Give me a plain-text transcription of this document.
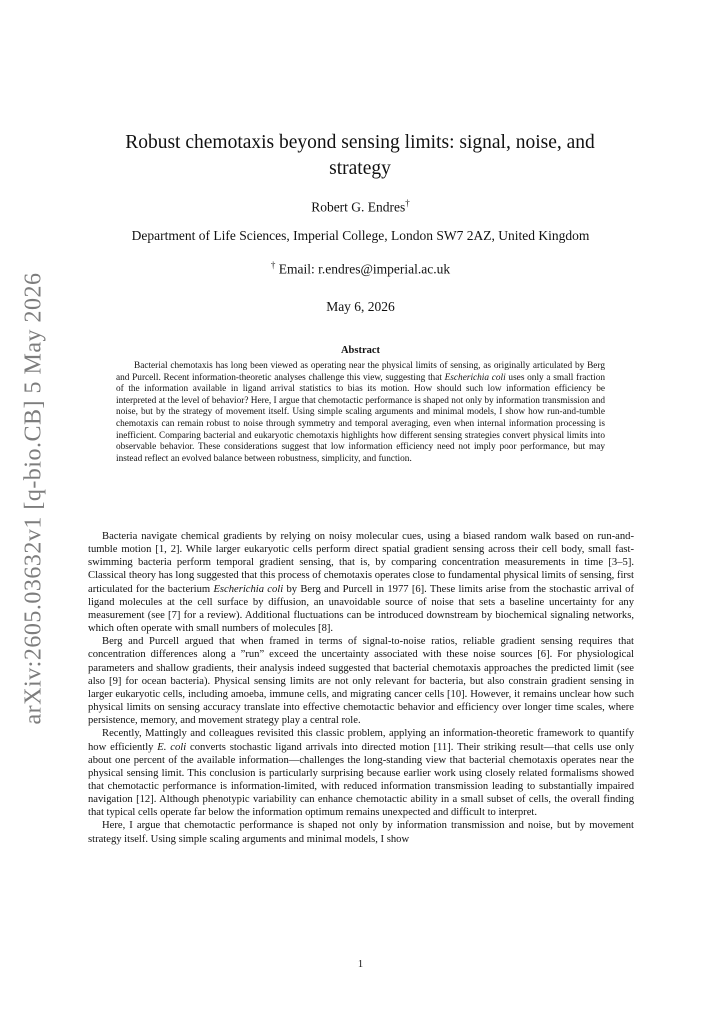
arXiv:2605.03632v1 [q-bio.CB] 5 May 2026
Robust chemotaxis beyond sensing limits: signal, noise, and strategy
Robert G. Endres†
Department of Life Sciences, Imperial College, London SW7 2AZ, United Kingdom
† Email: r.endres@imperial.ac.uk
May 6, 2026
Abstract
Bacterial chemotaxis has long been viewed as operating near the physical limits of sensing, as originally articulated by Berg and Purcell. Recent information-theoretic analyses challenge this view, suggesting that Escherichia coli uses only a small fraction of the information available in ligand arrival statistics to bias its motion. How should such low information efficiency be interpreted at the level of behavior? Here, I argue that chemotactic performance is shaped not only by information transmission and noise, but by the strategy of movement itself. Using simple scaling arguments and minimal models, I show how run-and-tumble chemotaxis can remain robust to noise through symmetry and temporal averaging, even when internal information processing is inefficient. Comparing bacterial and eukaryotic chemotaxis highlights how different sensing strategies convert physical limits into observable behavior. These considerations suggest that low information efficiency need not imply poor performance, but may instead reflect an evolved balance between robustness, simplicity, and function.

Bacteria navigate chemical gradients by relying on noisy molecular cues, using a biased random walk based on run-and-tumble motion [1, 2]. While larger eukaryotic cells perform direct spatial gradient sensing across their cell body, small fast-swimming bacteria perform temporal gradient sensing, that is, by comparing concentration measurements in time [3–5]. Classical theory has long suggested that this process of chemotaxis operates close to fundamental physical limits of sensing, first articulated for the bacterium Escherichia coli by Berg and Purcell in 1977 [6]. These limits arise from the stochastic arrival of ligand molecules at the cell surface by diffusion, an unavoidable source of noise that sets a baseline uncertainty for any measurement (see [7] for a review). Additional fluctuations can be introduced downstream by biochemical signaling networks, which often operate with small numbers of molecules [8].

Berg and Purcell argued that when framed in terms of signal-to-noise ratios, reliable gradient sensing requires that concentration differences along a ”run” exceed the uncertainty associated with these noise sources [6]. For physiological parameters and shallow gradients, their analysis indeed suggested that bacterial chemotaxis approaches the predicted limit (see also [9] for ocean bacteria). Physical sensing limits are not only relevant for bacteria, but also constrain gradient sensing in larger eukaryotic cells, including amoeba, immune cells, and migrating cancer cells [10]. However, it remains unclear how such physical limits on sensing accuracy translate into effective chemotactic behavior and efficiency over longer time scales, where persistence, memory, and movement strategy play a central role.

Recently, Mattingly and colleagues revisited this classic problem, applying an information-theoretic framework to quantify how efficiently E. coli converts stochastic ligand arrivals into directed motion [11]. Their striking result—that cells use only about one percent of the available information—challenges the long-standing view that bacterial chemotaxis operates near the physical sensing limit. This conclusion is particularly surprising because earlier work using closely related formalisms showed that chemotactic performance is information-limited, with reduced information transmission leading to substantially impaired navigation [12]. Although phenotypic variability can enhance chemotactic ability in a small subset of cells, the overall finding that typical cells operate far below the information optimum remains unexpected and difficult to interpret.

Here, I argue that chemotactic performance is shaped not only by information transmission and noise, but by movement strategy itself. Using simple scaling arguments and minimal models, I show

1
